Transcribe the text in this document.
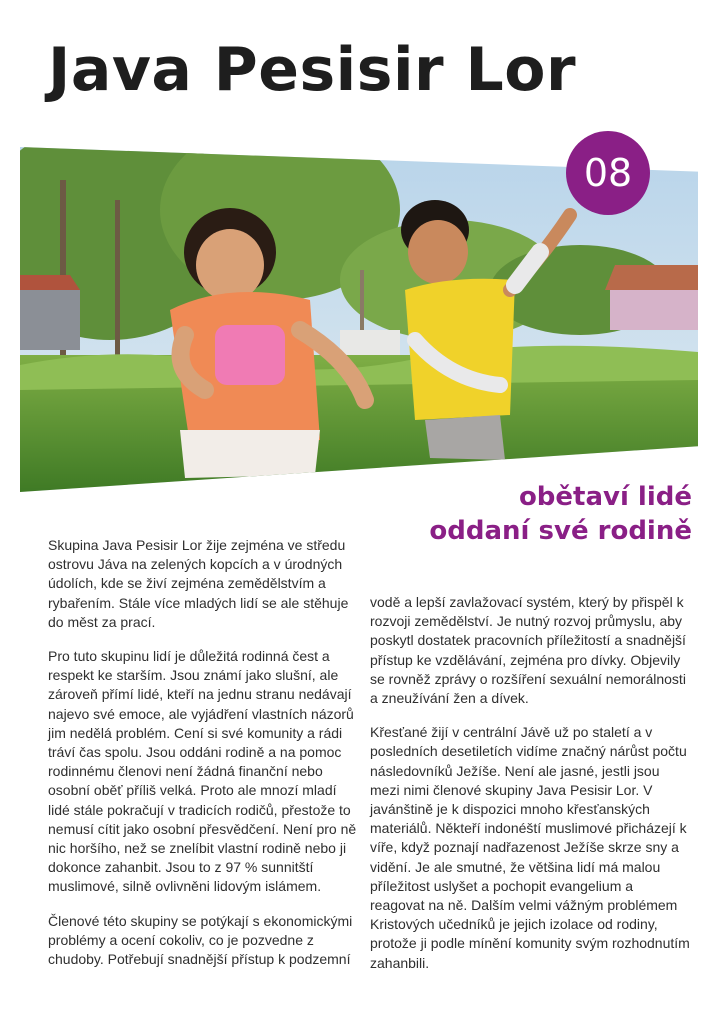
Java Pesisir Lor
08
obětaví lidé
oddaní své rodině

Skupina Java Pesisir Lor žije zejména ve středu ostrovu Jáva na zelených kopcích a v úrodných údolích, kde se živí zejména zemědělstvím a rybařením. Stále více mladých lidí se ale stěhuje do měst za prací.

Pro tuto skupinu lidí je důležitá rodinná čest a respekt ke starším. Jsou známí jako slušní, ale zároveň přímí lidé, kteří na jednu stranu nedávají najevo své emoce, ale vyjádření vlastních názorů jim nedělá problém. Cení si své komunity a rádi tráví čas spolu. Jsou oddáni rodině a na pomoc rodinnému členovi není žádná finanční nebo osobní oběť příliš velká. Proto ale mnozí mladí lidé stále pokračují v tradicích rodičů, přestože to nemusí cítit jako osobní přesvědčení. Není pro ně nic horšího, než se znelíbit vlastní rodině nebo ji dokonce zahanbit. Jsou to z 97 % sunnitští muslimové, silně ovlivněni lidovým islámem.

Členové této skupiny se potýkají s ekonomickými problémy a ocení cokoliv, co je pozvedne z chudoby. Potřebují snadnější přístup k podzemní

vodě a lepší zavlažovací systém, který by přispěl k rozvoji zemědělství. Je nutný rozvoj průmyslu, aby poskytl dostatek pracovních příležitostí a snadnější přístup ke vzdělávání, zejména pro dívky. Objevily se rovněž zprávy o rozšíření sexuální nemorálnosti a zneužívání žen a dívek.

Křesťané žijí v centrální Jávě už po staletí a v posledních desetiletích vidíme značný nárůst počtu následovníků Ježíše. Není ale jasné, jestli jsou mezi nimi členové skupiny Java Pesisir Lor. V javánštině je k dispozici mnoho křesťanských materiálů. Někteří indonéští muslimové přicházejí k víře, když poznají nadřazenost Ježíše skrze sny a vidění. Je ale smutné, že většina lidí má malou příležitost uslyšet a pochopit evangelium a reagovat na ně. Dalším velmi vážným problémem Kristových učedníků je jejich izolace od rodiny, protože ji podle mínění komunity svým rozhodnutím zahanbili.
